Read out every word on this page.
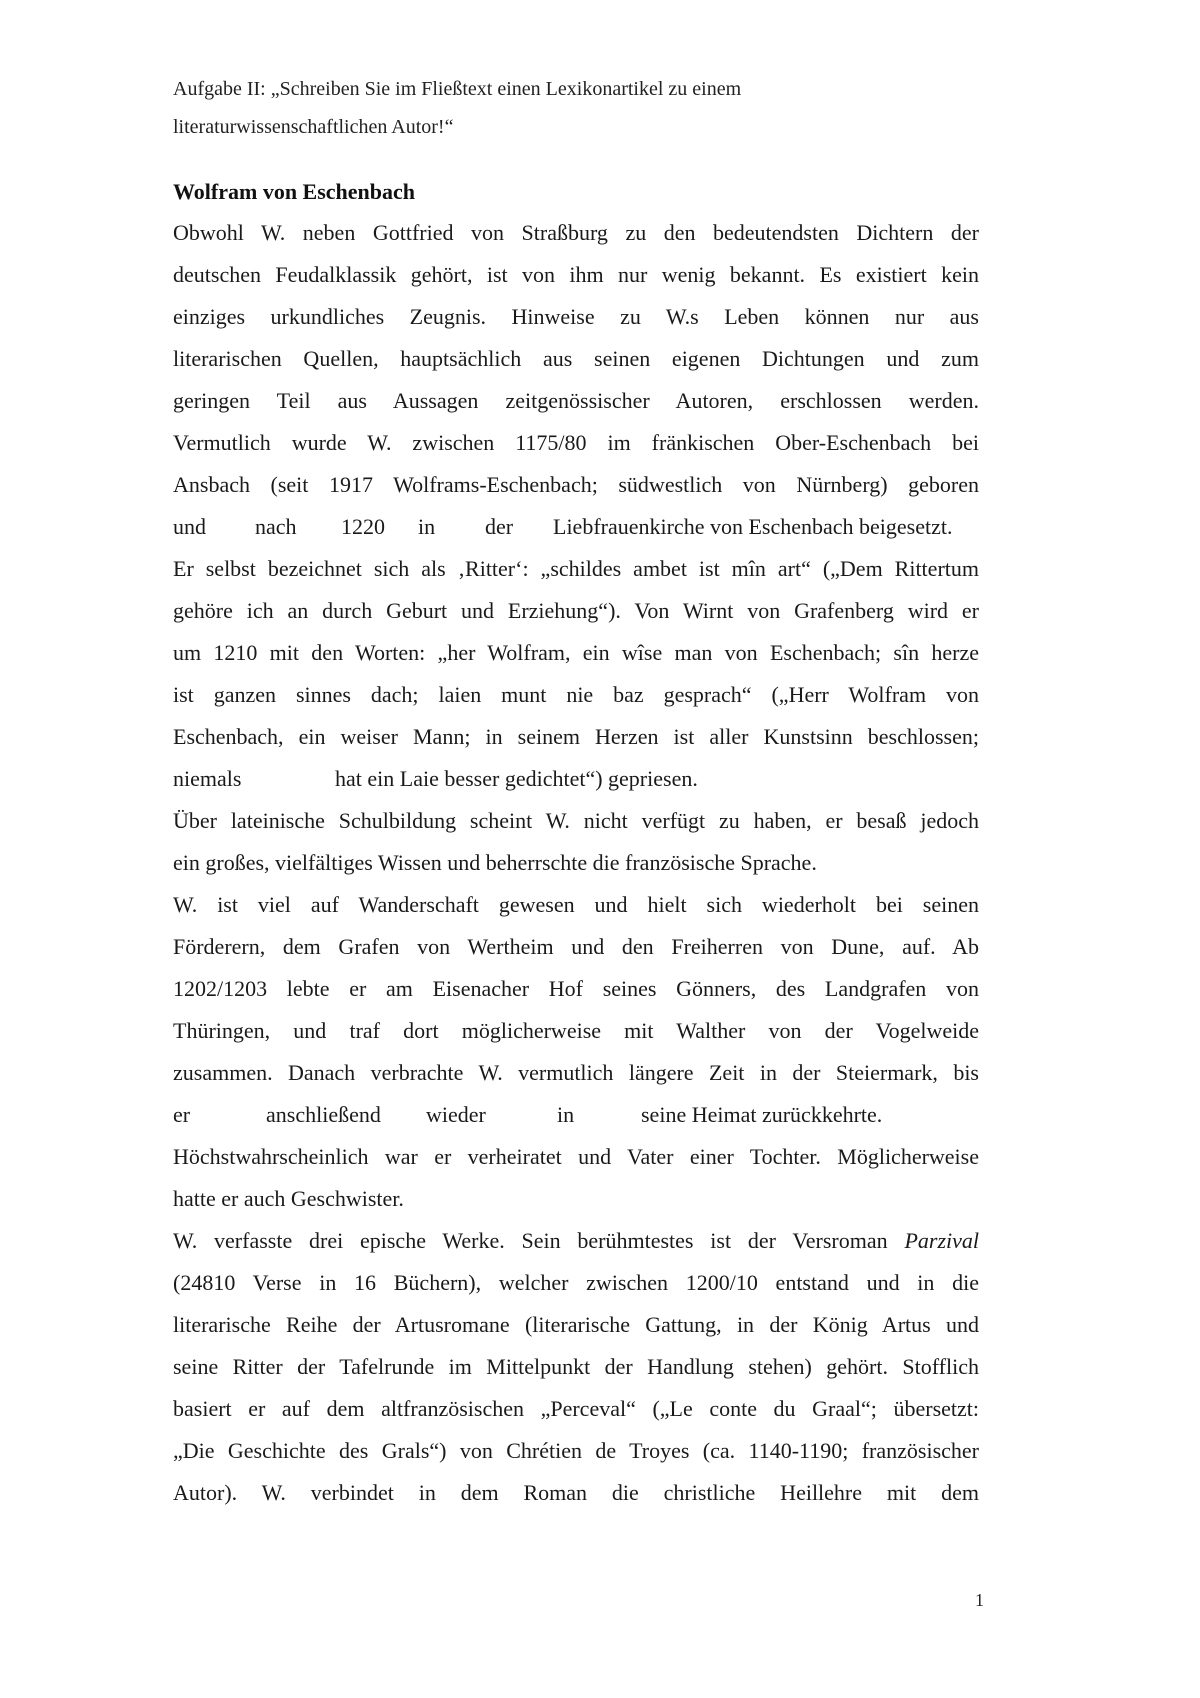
Aufgabe II: „Schreiben Sie im Fließtext einen Lexikonartikel zu einem
literaturwissenschaftlichen Autor!“
Wolfram von Eschenbach
Obwohl W. neben Gottfried von Straßburg zu den bedeutendsten Dichtern der
deutschen Feudalklassik gehört, ist von ihm nur wenig bekannt. Es existiert kein
einziges urkundliches Zeugnis. Hinweise zu W.s Leben können nur aus
literarischen Quellen, hauptsächlich aus seinen eigenen Dichtungen und zum
geringen Teil aus Aussagen zeitgenössischer Autoren, erschlossen werden.
Vermutlich wurde W. zwischen 1175/80 im fränkischen Ober-Eschenbach bei
Ansbach (seit 1917 Wolframs-Eschenbach; südwestlich von Nürnberg) geboren
und nach 1220 in der Liebfrauenkirche von Eschenbach beigesetzt.
Er selbst bezeichnet sich als ‚Ritter‘: „schildes ambet ist mîn art“ („Dem Rittertum
gehöre ich an durch Geburt und Erziehung“). Von Wirnt von Grafenberg wird er
um 1210 mit den Worten: „her Wolfram, ein wîse man von Eschenbach; sîn herze
ist ganzen sinnes dach; laien munt nie baz gesprach“ („Herr Wolfram von
Eschenbach, ein weiser Mann; in seinem Herzen ist aller Kunstsinn beschlossen;
niemals	hat ein Laie besser gedichtet“) gepriesen.
Über lateinische Schulbildung scheint W. nicht verfügt zu haben, er besaß jedoch
ein großes, vielfältiges Wissen und beherrschte die französische Sprache.
W. ist viel auf Wanderschaft gewesen und hielt sich wiederholt bei seinen
Förderern, dem Grafen von Wertheim und den Freiherren von Dune, auf. Ab
1202/1203 lebte er am Eisenacher Hof seines Gönners, des Landgrafen von
Thüringen, und traf dort möglicherweise mit Walther von der Vogelweide
zusammen. Danach verbrachte W. vermutlich längere Zeit in der Steiermark, bis
er	anschließend wieder	in	seine Heimat zurückkehrte.
Höchstwahrscheinlich war er verheiratet und Vater einer Tochter. Möglicherweise
hatte er auch Geschwister.
W. verfasste drei epische Werke. Sein berühmtestes ist der Versroman Parzival
(24810 Verse in 16 Büchern), welcher zwischen 1200/10 entstand und in die
literarische Reihe der Artusromane (literarische Gattung, in der König Artus und
seine Ritter der Tafelrunde im Mittelpunkt der Handlung stehen) gehört. Stofflich
basiert er auf dem altfranzösischen „Perceval“ („Le conte du Graal“; übersetzt:
„Die Geschichte des Grals“) von Chrétien de Troyes (ca. 1140-1190; französischer
Autor). W. verbindet in dem Roman die christliche Heillehre mit dem
1
